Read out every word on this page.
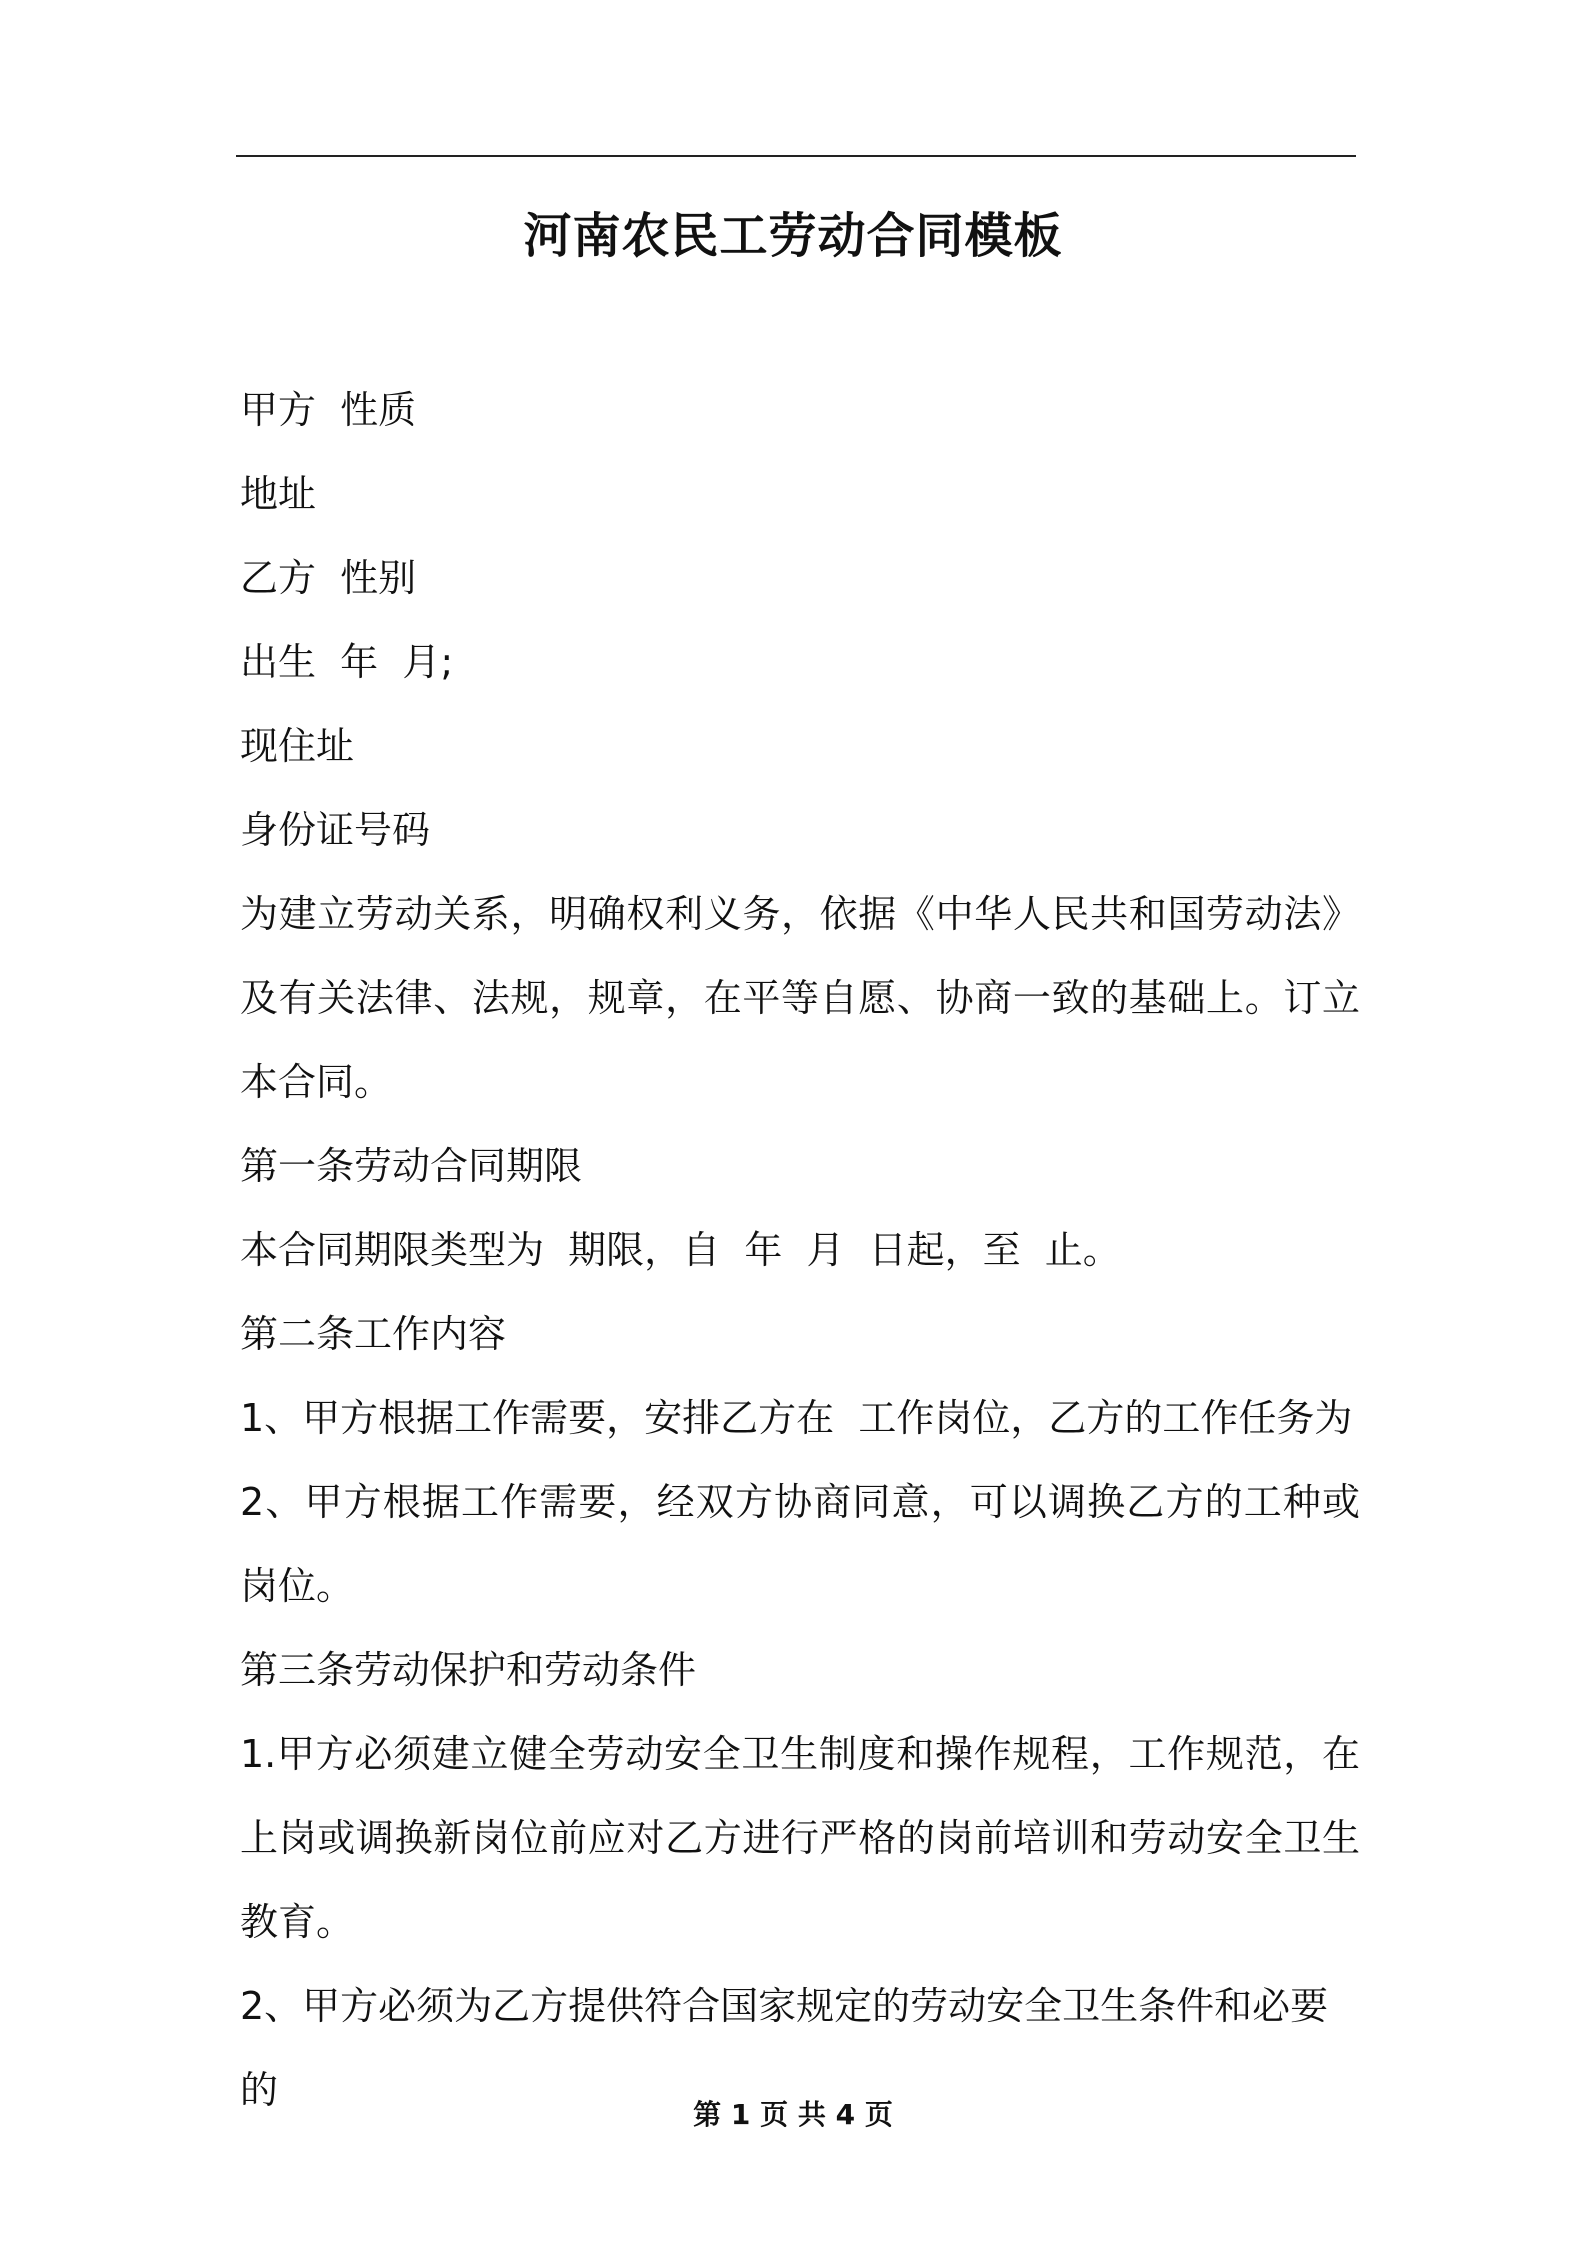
河南农民工劳动合同模板

甲方  性质

地址

乙方  性别

出生  年  月;

现住址

身份证号码

为建立劳动关系，明确权利义务，依据《中华人民共和国劳动法》及有关法律、法规，规章，在平等自愿、协商一致的基础上。订立本合同。

第一条劳动合同期限

本合同期限类型为  期限，自  年  月  日起，至  止。

第二条工作内容

1、甲方根据工作需要，安排乙方在  工作岗位，乙方的工作任务为

2、甲方根据工作需要，经双方协商同意，可以调换乙方的工种或岗位。

第三条劳动保护和劳动条件

1.甲方必须建立健全劳动安全卫生制度和操作规程，工作规范，在上岗或调换新岗位前应对乙方进行严格的岗前培训和劳动安全卫生教育。

2、甲方必须为乙方提供符合国家规定的劳动安全卫生条件和必要的

第 1 页 共 4 页
